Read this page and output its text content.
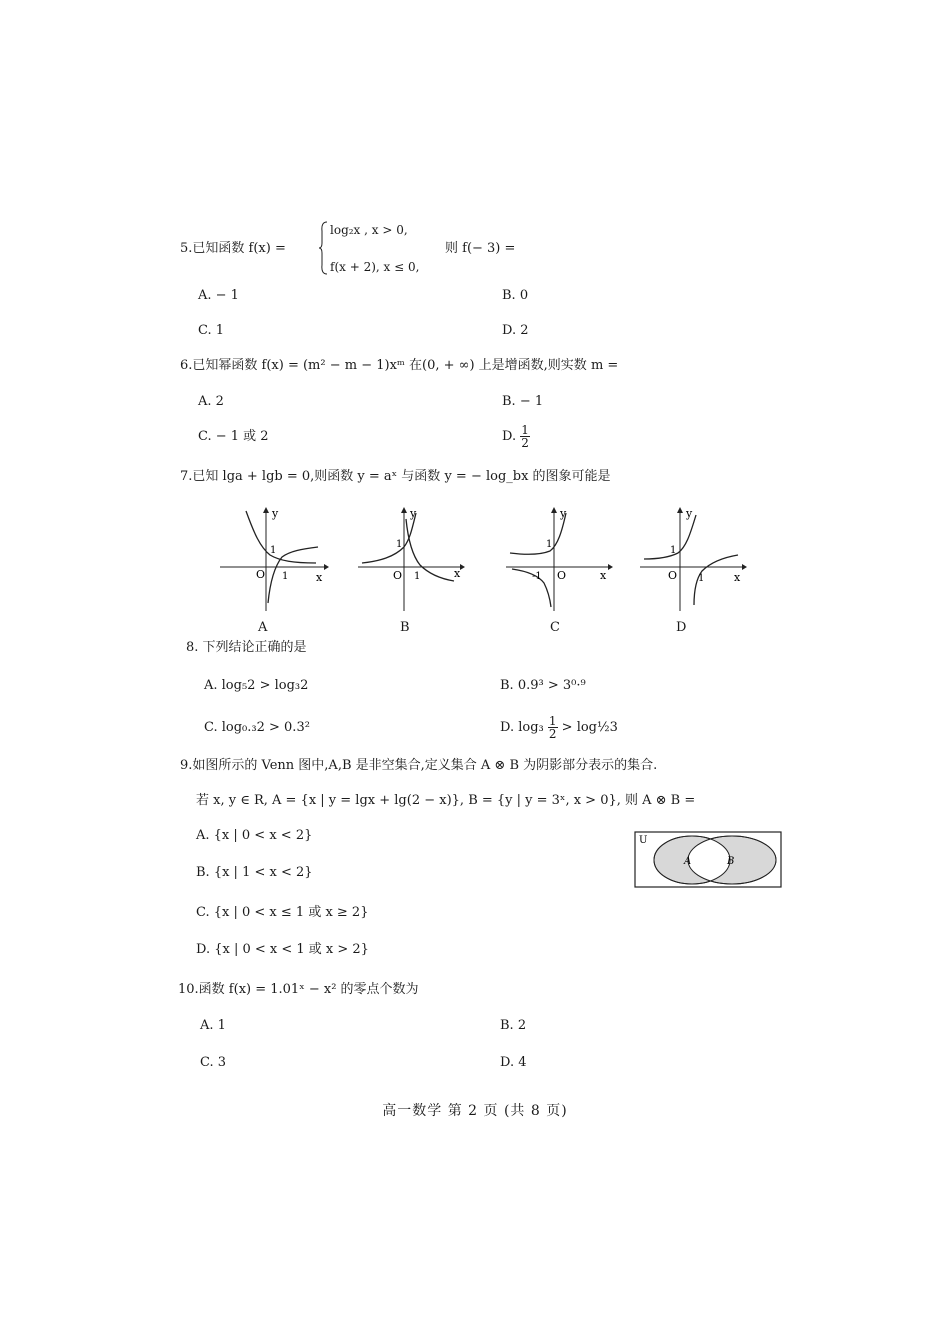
5.已知函数 f(x) =
log₂x , x > 0,
f(x + 2), x ≤ 0,
则 f(− 3) =
A. − 1	B. 0
C. 1	D. 2
6.已知幂函数 f(x) = (m² − m − 1)xᵐ 在(0, + ∞) 上是增函数,则实数 m =
A. 2	B. − 1
C. − 1 或 2	D. $\frac{1}{2}$
7.已知 lga + lgb = 0,则函数 y = aˣ 与函数 y = − log_bx 的图象可能是
y
x
O
1
1
A
y
x
O
1
1
B
y
x
O
1
-1
C
y
x
O
1
1
D
8. 下列结论正确的是
A. log₅2 > log₃2	B. 0.9³ > 3⁰·⁹
C. log₀.₃2 > 0.3²	D. $\log_3 \frac{1}{2}$ > log½3
9.如图所示的 Venn 图中,A,B 是非空集合,定义集合 A ⊗ B 为阴影部分表示的集合.
若 x, y ∈ R, A = {x | y = lgx + lg(2 − x)}, B = {y | y = 3ˣ, x > 0}, 则 A ⊗ B =
A. {x | 0 < x < 2}
B. {x | 1 < x < 2}
C. {x | 0 < x ≤ 1 或 x ≥ 2}
D. {x | 0 < x < 1 或 x > 2}
U
A	B
10.函数 f(x) = 1.01ˣ − x² 的零点个数为
A. 1	B. 2
C. 3	D. 4
高一数学 第 2 页 (共 8 页)
